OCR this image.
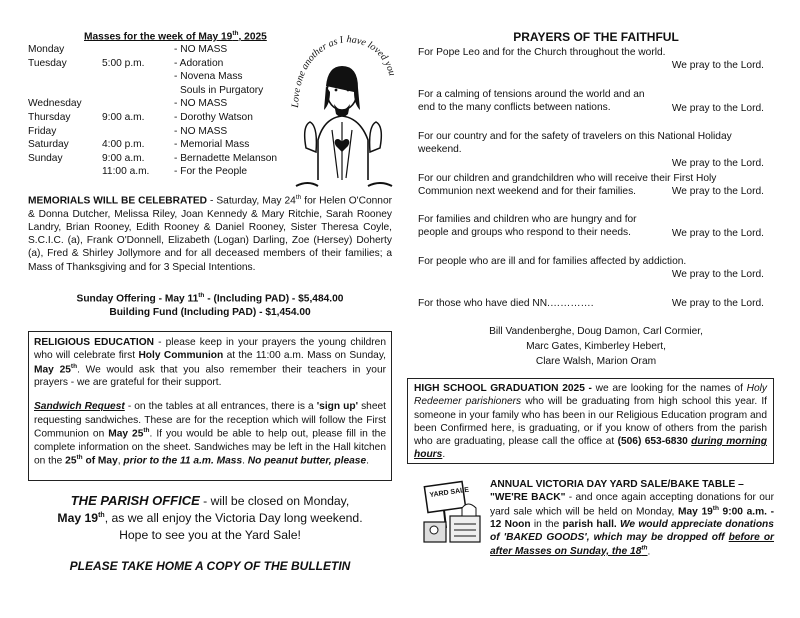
Masses for the week of May 19th, 2025
Monday	- NO MASS
Tuesday	5:00 p.m.	- Adoration
- Novena Mass
Souls in Purgatory
Wednesday	- NO MASS
Thursday	9:00 a.m.	- Dorothy Watson
Friday	- NO MASS
Saturday	4:00 p.m.	- Memorial Mass
Sunday	9:00 a.m.	- Bernadette Melanson
11:00 a.m. - For the People
Love one another as I have loved you
MEMORIALS WILL BE CELEBRATED - Saturday, May 24th for Helen O'Connor & Donna Dutcher, Melissa Riley, Joan Kennedy & Mary Ritchie, Sarah Rooney Landry, Brian Rooney, Edith Rooney & Daniel Rooney, Sister Theresa Coyle, S.C.I.C. (a), Frank O'Donnell, Elizabeth (Logan) Darling, Zoe (Hersey) Doherty (a), Fred & Shirley Jollymore and for all deceased members of their families; a Mass of Thanksgiving and for 3 Special Intentions.
Sunday Offering - May 11th - (Including PAD) - $5,484.00
Building Fund (Including PAD) - $1,454.00

RELIGIOUS EDUCATION - please keep in your prayers the young children who will celebrate first Holy Communion at the 11:00 a.m. Mass on Sunday, May 25th. We would ask that you also remember their teachers in your prayers - we are grateful for their support.

Sandwich Request - on the tables at all entrances, there is a 'sign up' sheet requesting sandwiches. These are for the reception which will follow the First Communion on May 25th. If you would be able to help out, please fill in the complete information on the sheet. Sandwiches may be left in the Hall kitchen on the 25th of May, prior to the 11 a.m. Mass. No peanut butter, please.

THE PARISH OFFICE - will be closed on Monday,
May 19th, as we all enjoy the Victoria Day long weekend.
Hope to see you at the Yard Sale!
PLEASE TAKE HOME A COPY OF THE BULLETIN
PRAYERS OF THE FAITHFUL
For Pope Leo and for the Church throughout the world.
We pray to the Lord.
For a calming of tensions around the world and an end to the many conflicts between nations.	We pray to the Lord.
For our country and for the safety of travelers on this National Holiday weekend.
We pray to the Lord.
For our children and grandchildren who will receive their First Holy Communion next weekend and for their families.	We pray to the Lord.
For families and children who are hungry and for people and groups who respond to their needs.	We pray to the Lord.
For people who are ill and for families affected by addiction.
We pray to the Lord.
For those who have died NN.………….	We pray to the Lord.
Bill Vandenberghe, Doug Damon, Carl Cormier,
Marc Gates, Kimberley Hebert,
Clare Walsh, Marion Oram
HIGH SCHOOL GRADUATION 2025 - we are looking for the names of Holy Redeemer parishioners who will be graduating from high school this year. If someone in your family who has been in our Religious Education program and been Confirmed here, is graduating, or if you know of others from the parish who are graduating, please call the office at (506) 653-6830 during morning hours.
YARD SALE
ANNUAL VICTORIA DAY YARD SALE/BAKE TABLE –
"WE'RE BACK" - and once again accepting donations for our yard sale which will be held on Monday, May 19th 9:00 a.m. - 12 Noon in the parish hall. We would appreciate donations of 'BAKED GOODS', which may be dropped off before or after Masses on Sunday, the 18th.
